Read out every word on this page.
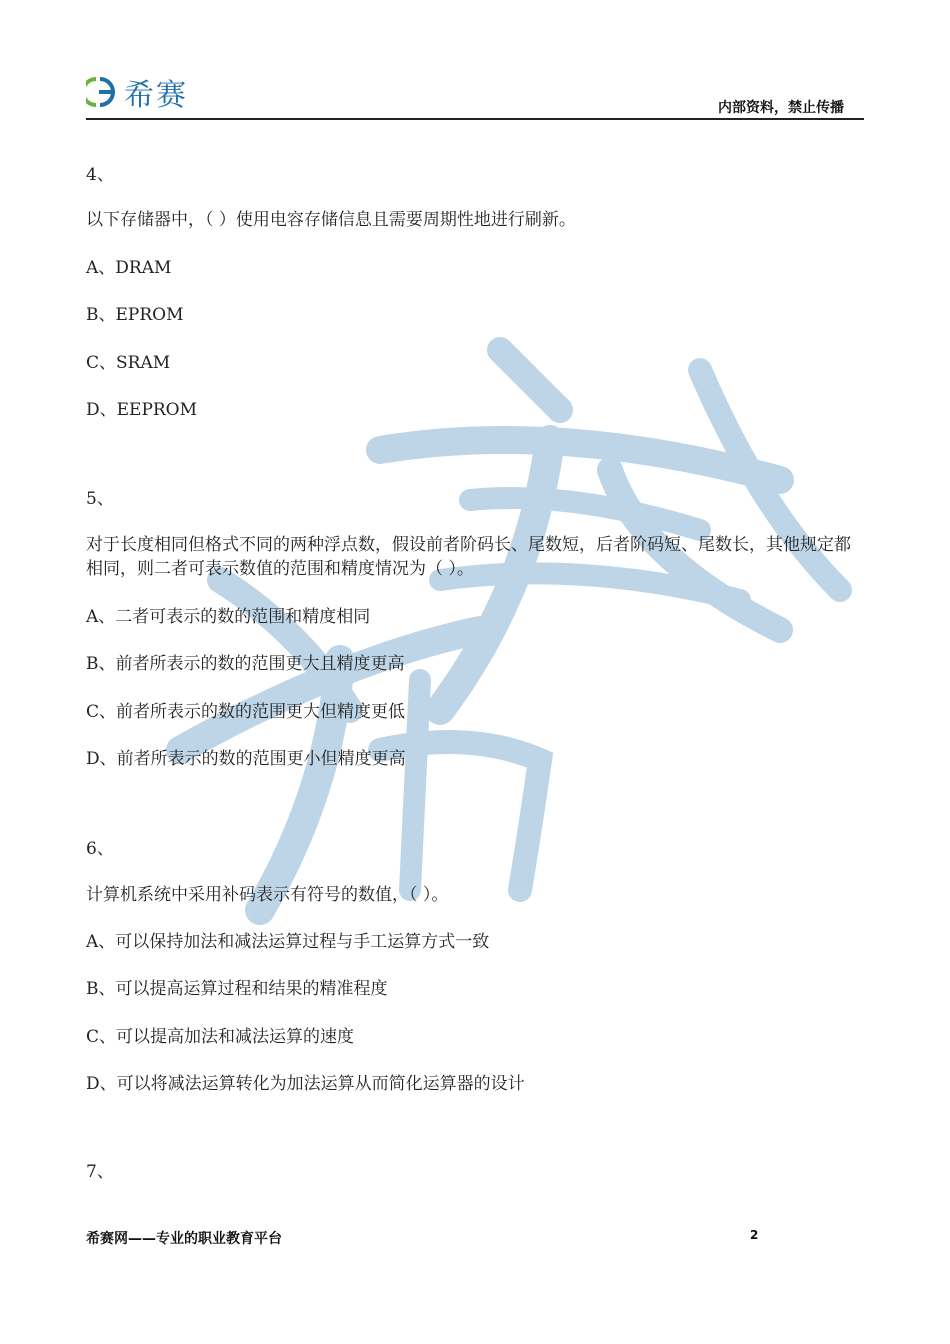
希赛	内部资料，禁止传播
4、
以下存储器中，（ ）使用电容存储信息且需要周期性地进行刷新。
A、DRAM
B、EPROM
C、SRAM
D、EEPROM
5、
对于长度相同但格式不同的两种浮点数，假设前者阶码长、尾数短，后者阶码短、尾数长，其他规定都相同，则二者可表示数值的范围和精度情况为（ ）。
A、二者可表示的数的范围和精度相同
B、前者所表示的数的范围更大且精度更高
C、前者所表示的数的范围更大但精度更低
D、前者所表示的数的范围更小但精度更高
6、
计算机系统中采用补码表示有符号的数值，（ ）。
A、可以保持加法和减法运算过程与手工运算方式一致
B、可以提高运算过程和结果的精准程度
C、可以提高加法和减法运算的速度
D、可以将减法运算转化为加法运算从而简化运算器的设计
7、
希赛网——专业的职业教育平台	2
